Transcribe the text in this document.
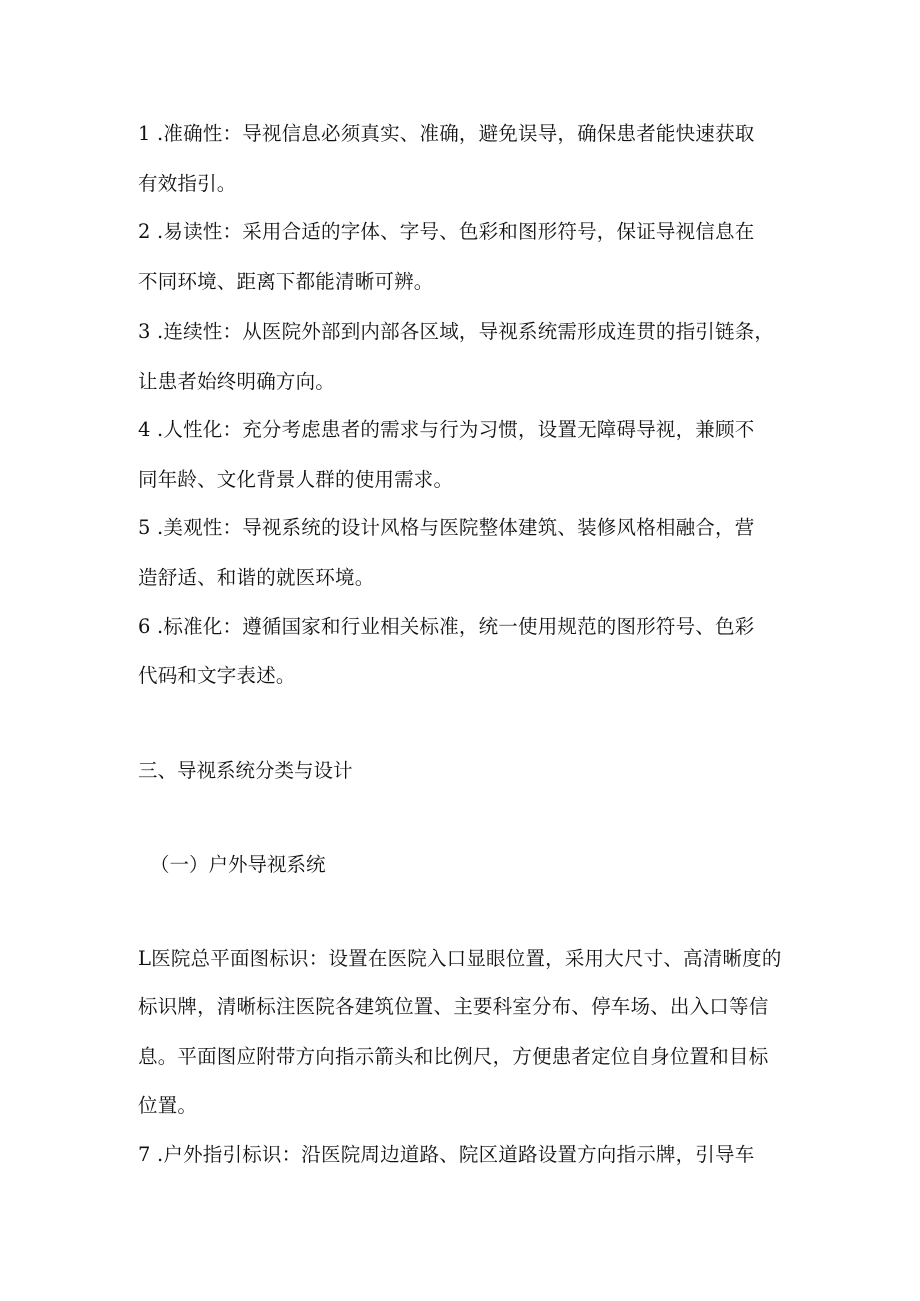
1 .准确性：导视信息必须真实、准确，避免误导，确保患者能快速获取
有效指引。
2 .易读性：采用合适的字体、字号、色彩和图形符号，保证导视信息在
不同环境、距离下都能清晰可辨。
3 .连续性：从医院外部到内部各区域，导视系统需形成连贯的指引链条，
让患者始终明确方向。
4 .人性化：充分考虑患者的需求与行为习惯，设置无障碍导视，兼顾不
同年龄、文化背景人群的使用需求。
5 .美观性：导视系统的设计风格与医院整体建筑、装修风格相融合，营
造舒适、和谐的就医环境。
6 .标准化：遵循国家和行业相关标准，统一使用规范的图形符号、色彩
代码和文字表述。
三、导视系统分类与设计
（一）户外导视系统
L医院总平面图标识：设置在医院入口显眼位置，采用大尺寸、高清晰度的
标识牌，清晰标注医院各建筑位置、主要科室分布、停车场、出入口等信
息。平面图应附带方向指示箭头和比例尺，方便患者定位自身位置和目标
位置。
7 .户外指引标识：沿医院周边道路、院区道路设置方向指示牌，引导车
